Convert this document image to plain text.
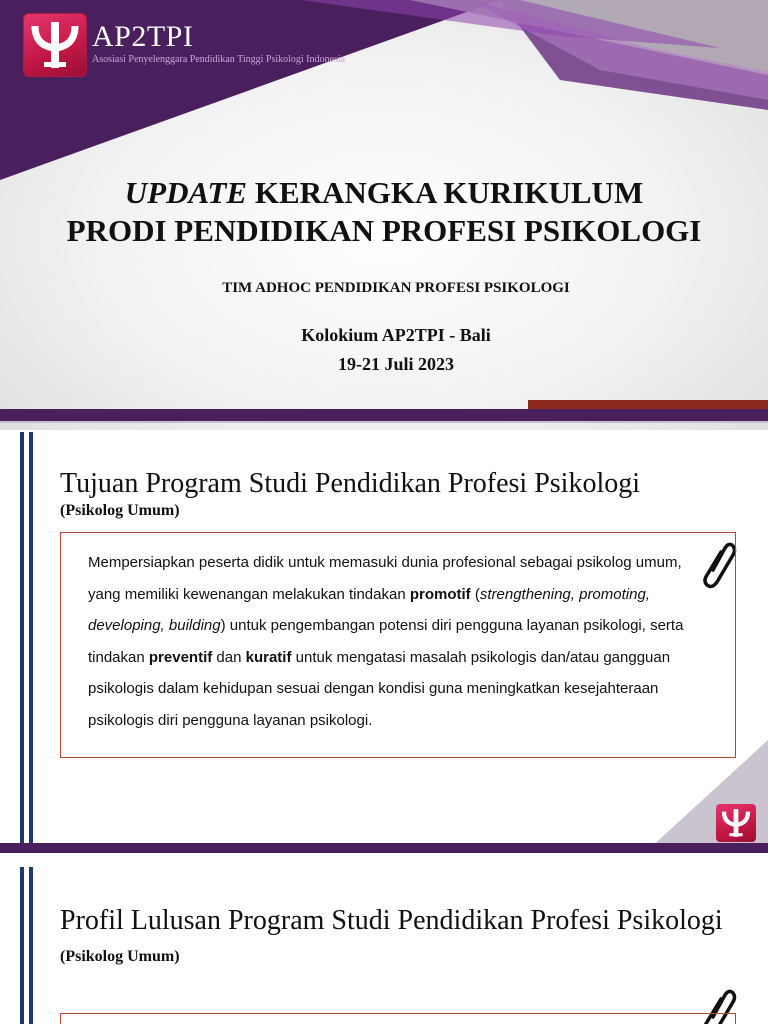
AP2TPI
Asosiasi Penyelenggara Pendidikan Tinggi Psikologi Indonesia
UPDATE KERANGKA KURIKULUM
PRODI PENDIDIKAN PROFESI PSIKOLOGI
TIM ADHOC PENDIDIKAN PROFESI PSIKOLOGI
Kolokium AP2TPI - Bali
19-21 Juli 2023
Tujuan Program Studi Pendidikan Profesi Psikologi
(Psikolog Umum)

Mempersiapkan peserta didik untuk memasuki dunia profesional sebagai psikolog umum, yang memiliki kewenangan melakukan tindakan promotif (strengthening, promoting, developing, building) untuk pengembangan potensi diri pengguna layanan psikologi, serta tindakan preventif dan kuratif untuk mengatasi masalah psikologis dan/atau gangguan psikologis dalam kehidupan sesuai dengan kondisi guna meningkatkan kesejahteraan psikologis diri pengguna layanan psikologi.

Profil Lulusan Program Studi Pendidikan Profesi Psikologi (Psikolog Umum)
